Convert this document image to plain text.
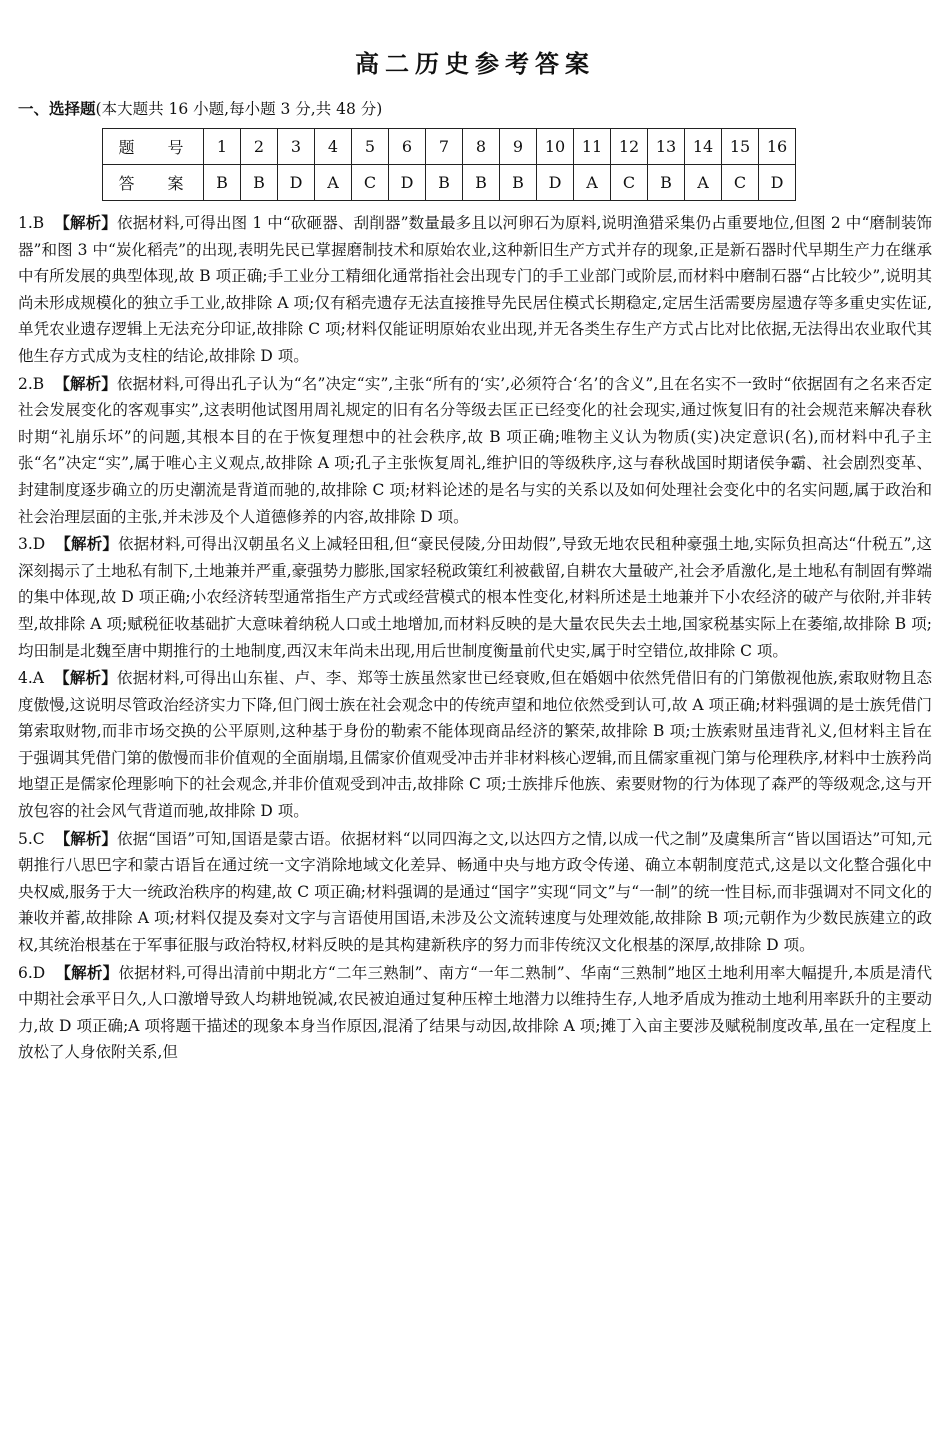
高二历史参考答案
一、选择题(本大题共 16 小题,每小题 3 分,共 48 分)
题 号	1	2	3	4	5	6	7	8	9	10	11	12	13	14	15	16
答 案	B	B	D	A	C	D	B	B	B	D	A	C	B	A	C	D

1.B 【解析】依据材料,可得出图 1 中“砍砸器、刮削器”数量最多且以河卵石为原料,说明渔猎采集仍占重要地位,但图 2 中“磨制装饰器”和图 3 中“炭化稻壳”的出现,表明先民已掌握磨制技术和原始农业,这种新旧生产方式并存的现象,正是新石器时代早期生产力在继承中有所发展的典型体现,故 B 项正确;手工业分工精细化通常指社会出现专门的手工业部门或阶层,而材料中磨制石器“占比较少”,说明其尚未形成规模化的独立手工业,故排除 A 项;仅有稻壳遗存无法直接推导先民居住模式长期稳定,定居生活需要房屋遗存等多重史实佐证,单凭农业遗存逻辑上无法充分印证,故排除 C 项;材料仅能证明原始农业出现,并无各类生存生产方式占比对比依据,无法得出农业取代其他生存方式成为支柱的结论,故排除 D 项。

2.B 【解析】依据材料,可得出孔子认为“名”决定“实”,主张“所有的‘实’,必须符合‘名’的含义”,且在名实不一致时“依据固有之名来否定社会发展变化的客观事实”,这表明他试图用周礼规定的旧有名分等级去匡正已经变化的社会现实,通过恢复旧有的社会规范来解决春秋时期“礼崩乐坏”的问题,其根本目的在于恢复理想中的社会秩序,故 B 项正确;唯物主义认为物质(实)决定意识(名),而材料中孔子主张“名”决定“实”,属于唯心主义观点,故排除 A 项;孔子主张恢复周礼,维护旧的等级秩序,这与春秋战国时期诸侯争霸、社会剧烈变革、封建制度逐步确立的历史潮流是背道而驰的,故排除 C 项;材料论述的是名与实的关系以及如何处理社会变化中的名实问题,属于政治和社会治理层面的主张,并未涉及个人道德修养的内容,故排除 D 项。

3.D 【解析】依据材料,可得出汉朝虽名义上减轻田租,但“豪民侵陵,分田劫假”,导致无地农民租种豪强土地,实际负担高达“什税五”,这深刻揭示了土地私有制下,土地兼并严重,豪强势力膨胀,国家轻税政策红利被截留,自耕农大量破产,社会矛盾激化,是土地私有制固有弊端的集中体现,故 D 项正确;小农经济转型通常指生产方式或经营模式的根本性变化,材料所述是土地兼并下小农经济的破产与依附,并非转型,故排除 A 项;赋税征收基础扩大意味着纳税人口或土地增加,而材料反映的是大量农民失去土地,国家税基实际上在萎缩,故排除 B 项;均田制是北魏至唐中期推行的土地制度,西汉末年尚未出现,用后世制度衡量前代史实,属于时空错位,故排除 C 项。

4.A 【解析】依据材料,可得出山东崔、卢、李、郑等士族虽然家世已经衰败,但在婚姻中依然凭借旧有的门第傲视他族,索取财物且态度傲慢,这说明尽管政治经济实力下降,但门阀士族在社会观念中的传统声望和地位依然受到认可,故 A 项正确;材料强调的是士族凭借门第索取财物,而非市场交换的公平原则,这种基于身份的勒索不能体现商品经济的繁荣,故排除 B 项;士族索财虽违背礼义,但材料主旨在于强调其凭借门第的傲慢而非价值观的全面崩塌,且儒家价值观受冲击并非材料核心逻辑,而且儒家重视门第与伦理秩序,材料中士族矜尚地望正是儒家伦理影响下的社会观念,并非价值观受到冲击,故排除 C 项;士族排斥他族、索要财物的行为体现了森严的等级观念,这与开放包容的社会风气背道而驰,故排除 D 项。

5.C 【解析】依据“国语”可知,国语是蒙古语。依据材料“以同四海之文,以达四方之情,以成一代之制”及虞集所言“皆以国语达”可知,元朝推行八思巴字和蒙古语旨在通过统一文字消除地域文化差异、畅通中央与地方政令传递、确立本朝制度范式,这是以文化整合强化中央权威,服务于大一统政治秩序的构建,故 C 项正确;材料强调的是通过“国字”实现“同文”与“一制”的统一性目标,而非强调对不同文化的兼收并蓄,故排除 A 项;材料仅提及奏对文字与言语使用国语,未涉及公文流转速度与处理效能,故排除 B 项;元朝作为少数民族建立的政权,其统治根基在于军事征服与政治特权,材料反映的是其构建新秩序的努力而非传统汉文化根基的深厚,故排除 D 项。

6.D 【解析】依据材料,可得出清前中期北方“二年三熟制”、南方“一年二熟制”、华南“三熟制”地区土地利用率大幅提升,本质是清代中期社会承平日久,人口激增导致人均耕地锐减,农民被迫通过复种压榨土地潜力以维持生存,人地矛盾成为推动土地利用率跃升的主要动力,故 D 项正确;A 项将题干描述的现象本身当作原因,混淆了结果与动因,故排除 A 项;摊丁入亩主要涉及赋税制度改革,虽在一定程度上放松了人身依附关系,但
